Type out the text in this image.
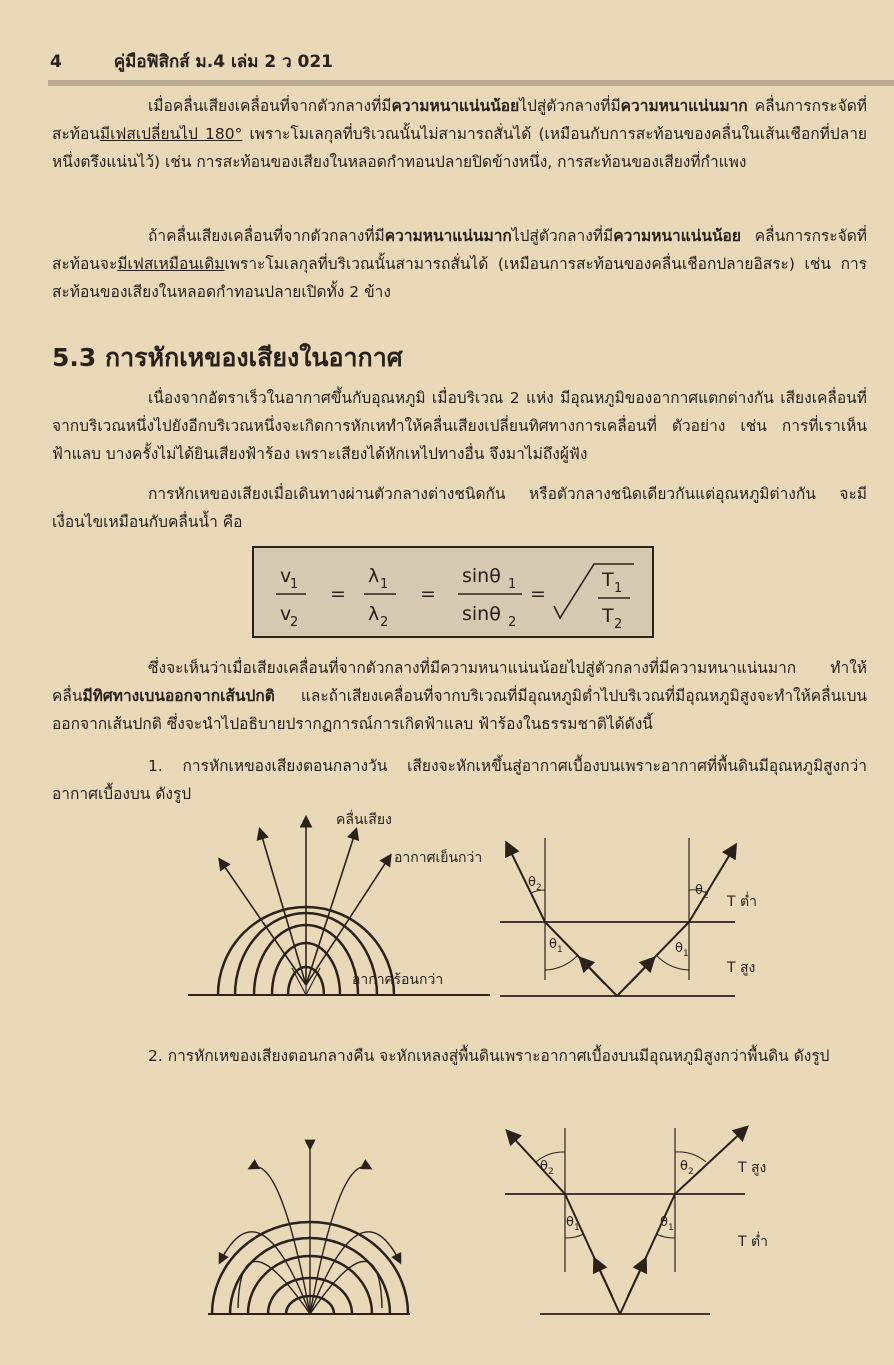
4	คู่มือฟิสิกส์ ม.4 เล่ม 2 ว 021
เมื่อคลื่นเสียงเคลื่อนที่จากตัวกลางที่มีความหนาแน่นน้อยไปสู่ตัวกลางที่มีความหนาแน่นมาก คลื่นการกระจัดที่สะท้อนมีเฟสเปลี่ยนไป 180° เพราะโมเลกุลที่บริเวณนั้นไม่สามารถสั่นได้ (เหมือนกับการสะท้อนของคลื่นในเส้นเชือกที่ปลายหนึ่งตรึงแน่นไว้) เช่น การสะท้อนของเสียงในหลอดกำทอนปลายปิดข้างหนึ่ง, การสะท้อนของเสียงที่กำแพง
ถ้าคลื่นเสียงเคลื่อนที่จากตัวกลางที่มีความหนาแน่นมากไปสู่ตัวกลางที่มีความหนาแน่นน้อย คลื่นการกระจัดที่สะท้อนจะมีเฟสเหมือนเดิมเพราะโมเลกุลที่บริเวณนั้นสามารถสั่นได้ (เหมือนการสะท้อนของคลื่นเชือกปลายอิสระ) เช่น การสะท้อนของเสียงในหลอดกำทอนปลายเปิดทั้ง 2 ข้าง
5.3 การหักเหของเสียงในอากาศ
เนื่องจากอัตราเร็วในอากาศขึ้นกับอุณหภูมิ เมื่อบริเวณ 2 แห่ง มีอุณหภูมิของอากาศแตกต่างกัน เสียงเคลื่อนที่จากบริเวณหนึ่งไปยังอีกบริเวณหนึ่งจะเกิดการหักเหทำให้คลื่นเสียงเปลี่ยนทิศทางการเคลื่อนที่ ตัวอย่าง เช่น การที่เราเห็นฟ้าแลบ บางครั้งไม่ได้ยินเสียงฟ้าร้อง เพราะเสียงได้หักเหไปทางอื่น จึงมาไม่ถึงผู้ฟัง
การหักเหของเสียงเมื่อเดินทางผ่านตัวกลางต่างชนิดกัน หรือตัวกลางชนิดเดียวกันแต่อุณหภูมิต่างกัน จะมีเงื่อนไขเหมือนกับคลื่นน้ำ คือ
v
1
v
2
=
λ 1
λ 2
=
sinθ 1
sinθ 2
=
T 1
T 2
ซึ่งจะเห็นว่าเมื่อเสียงเคลื่อนที่จากตัวกลางที่มีความหนาแน่นน้อยไปสู่ตัวกลางที่มีความหนาแน่นมาก ทำให้คลื่นมีทิศทางเบนออกจากเส้นปกติ และถ้าเสียงเคลื่อนที่จากบริเวณที่มีอุณหภูมิต่ำไปบริเวณที่มีอุณหภูมิสูงจะทำให้คลื่นเบนออกจากเส้นปกติ ซึ่งจะนำไปอธิบายปรากฏการณ์การเกิดฟ้าแลบ ฟ้าร้องในธรรมชาติได้ดังนี้
1. การหักเหของเสียงตอนกลางวัน เสียงจะหักเหขึ้นสู่อากาศเบื้องบนเพราะอากาศที่พื้นดินมีอุณหภูมิสูงกว่าอากาศเบื้องบน ดังรูป
คลื่นเสียง
อากาศเย็นกว่า
อากาศร้อนกว่า
θ 2	θ 2
θ 1	θ 1
T ต่ำ
T สูง
2. การหักเหของเสียงตอนกลางคืน จะหักเหลงสู่พื้นดินเพราะอากาศเบื้องบนมีอุณหภูมิสูงกว่าพื้นดิน ดังรูป
θ 2	θ 2
θ 1	θ 1
T สูง
T ต่ำ
